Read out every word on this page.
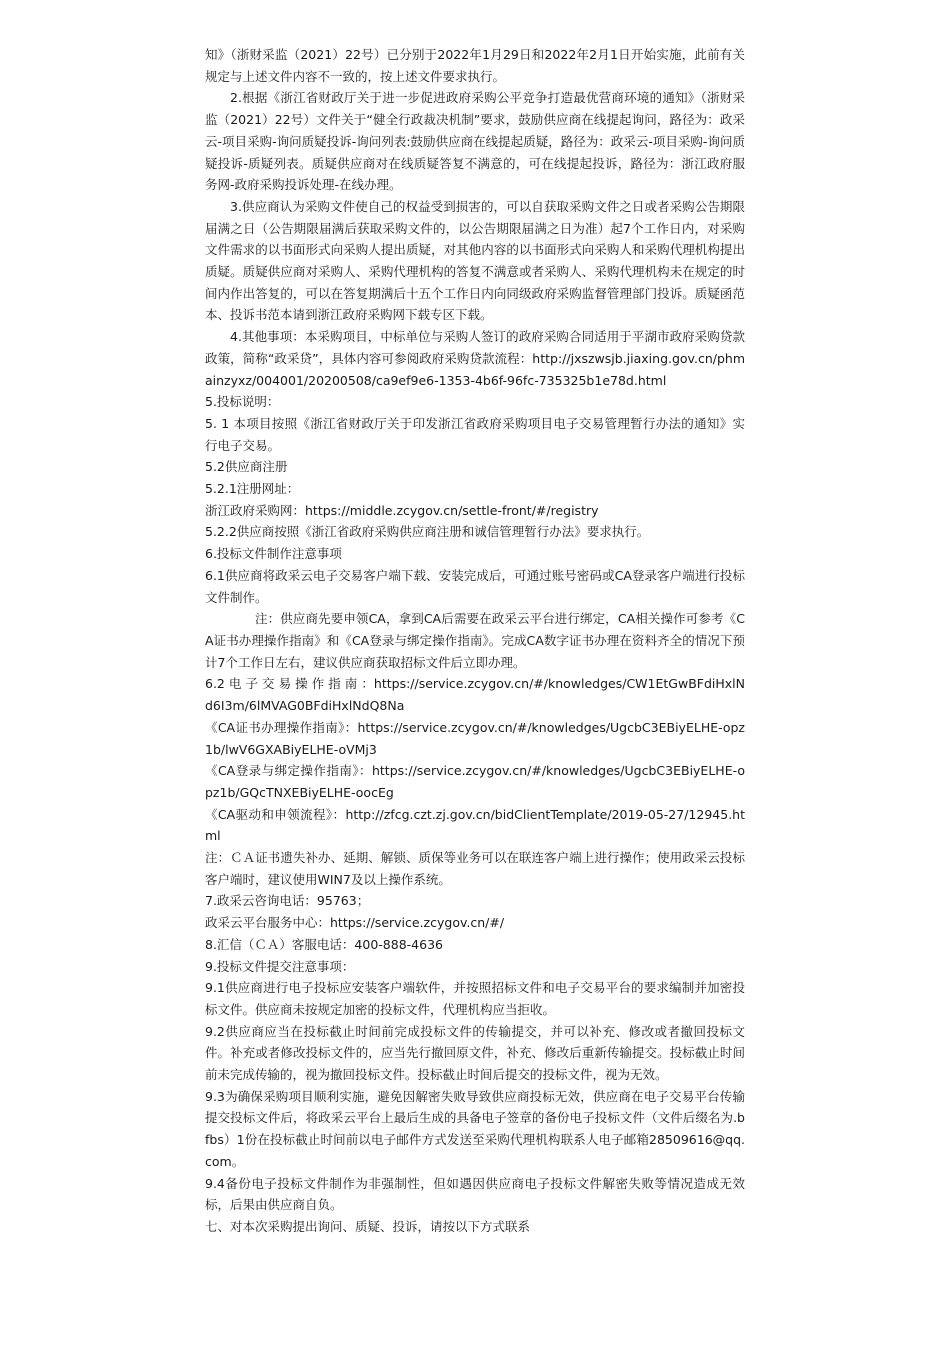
知》（浙财采监（2021）22号）已分别于2022年1月29日和2022年2月1日开始实施，此前有关规定与上述文件内容不一致的，按上述文件要求执行。

2.根据《浙江省财政厅关于进一步促进政府采购公平竞争打造最优营商环境的通知》（浙财采监（2021）22号）文件关于“健全行政裁决机制”要求，鼓励供应商在线提起询问，路径为：政采云-项目采购-询问质疑投诉-询问列表:鼓励供应商在线提起质疑，路径为：政采云-项目采购-询问质疑投诉-质疑列表。质疑供应商对在线质疑答复不满意的，可在线提起投诉，路径为：浙江政府服务网-政府采购投诉处理-在线办理。

3.供应商认为采购文件使自己的权益受到损害的，可以自获取采购文件之日或者采购公告期限届满之日（公告期限届满后获取采购文件的，以公告期限届满之日为准）起7个工作日内，对采购文件需求的以书面形式向采购人提出质疑，对其他内容的以书面形式向采购人和采购代理机构提出质疑。质疑供应商对采购人、采购代理机构的答复不满意或者采购人、采购代理机构未在规定的时间内作出答复的，可以在答复期满后十五个工作日内向同级政府采购监督管理部门投诉。质疑函范本、投诉书范本请到浙江政府采购网下载专区下载。

4.其他事项：本采购项目，中标单位与采购人签订的政府采购合同适用于平湖市政府采购贷款政策，简称“政采贷”，具体内容可参阅政府采购贷款流程：http://jxszwsjb.jiaxing.gov.cn/phmainzyxz/004001/20200508/ca9ef9e6-1353-4b6f-96fc-735325b1e78d.html

5.投标说明：

5. 1 本项目按照《浙江省财政厅关于印发浙江省政府采购项目电子交易管理暂行办法的通知》实行电子交易。

5.2供应商注册

5.2.1注册网址：

浙江政府采购网：https://middle.zcygov.cn/settle-front/#/registry

5.2.2供应商按照《浙江省政府采购供应商注册和诚信管理暂行办法》要求执行。

6.投标文件制作注意事项

6.1供应商将政采云电子交易客户端下载、安装完成后，可通过账号密码或CA登录客户端进行投标文件制作。

注：供应商先要申领CA，拿到CA后需要在政采云平台进行绑定，CA相关操作可参考《CA证书办理操作指南》和《CA登录与绑定操作指南》。完成CA数字证书办理在资料齐全的情况下预计7个工作日左右，建议供应商获取招标文件后立即办理。

6.2 电 子 交 易 操 作 指 南 ：https://service.zcygov.cn/#/knowledges/CW1EtGwBFdiHxlNd6I3m/6lMVAG0BFdiHxlNdQ8Na

《CA证书办理操作指南》：https://service.zcygov.cn/#/knowledges/UgcbC3EBiyELHE-opz1b/lwV6GXABiyELHE-oVMj3

《CA登录与绑定操作指南》：https://service.zcygov.cn/#/knowledges/UgcbC3EBiyELHE-opz1b/GQcTNXEBiyELHE-oocEg

《CA驱动和申领流程》：http://zfcg.czt.zj.gov.cn/bidClientTemplate/2019-05-27/12945.html

注：ＣＡ证书遗失补办、延期、解锁、质保等业务可以在联连客户端上进行操作；使用政采云投标客户端时，建议使用WIN7及以上操作系统。

7.政采云咨询电话：95763；

政采云平台服务中心：https://service.zcygov.cn/#/

8.汇信（ＣＡ）客服电话：400-888-4636

9.投标文件提交注意事项：

9.1供应商进行电子投标应安装客户端软件，并按照招标文件和电子交易平台的要求编制并加密投标文件。供应商未按规定加密的投标文件，代理机构应当拒收。

9.2供应商应当在投标截止时间前完成投标文件的传输提交，并可以补充、修改或者撤回投标文件。补充或者修改投标文件的，应当先行撤回原文件，补充、修改后重新传输提交。投标截止时间前未完成传输的，视为撤回投标文件。投标截止时间后提交的投标文件，视为无效。

9.3为确保采购项目顺利实施，避免因解密失败导致供应商投标无效，供应商在电子交易平台传输提交投标文件后，将政采云平台上最后生成的具备电子签章的备份电子投标文件（文件后缀名为.bfbs）1份在投标截止时间前以电子邮件方式发送至采购代理机构联系人电子邮箱28509616@qq.com。

9.4备份电子投标文件制作为非强制性，但如遇因供应商电子投标文件解密失败等情况造成无效标，后果由供应商自负。

七、对本次采购提出询问、质疑、投诉，请按以下方式联系
